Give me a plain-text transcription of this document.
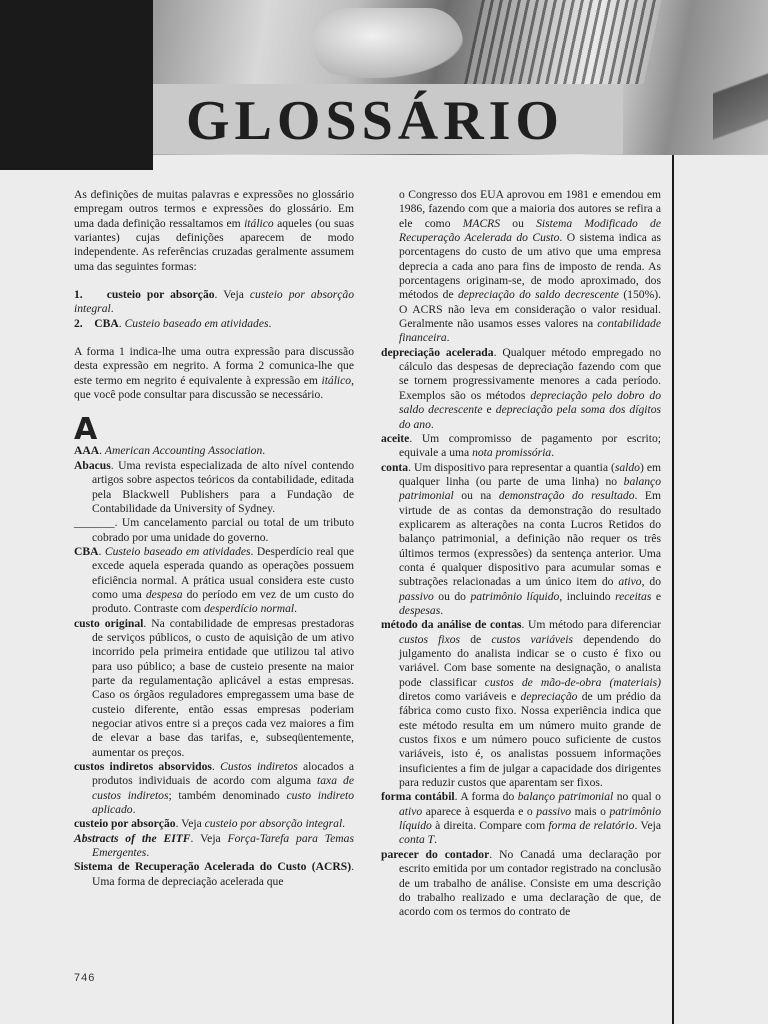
GLOSSÁRIO

As definições de muitas palavras e expressões no glossário empregam outros termos e expressões do glossário. Em uma dada definição ressaltamos em itálico aqueles (ou suas variantes) cujas definições aparecem de modo independente. As referências cruzadas geralmente assumem uma das seguintes formas:

1. custeio por absorção. Veja custeio por absorção integral.
2. CBA. Custeio baseado em atividades.

A forma 1 indica-lhe uma outra expressão para discussão desta expressão em negrito. A forma 2 comunica-lhe que este termo em negrito é equivalente à expressão em itálico, que você pode consultar para discussão se necessário.

A

AAA. American Accounting Association.

Abacus. Uma revista especializada de alto nível contendo artigos sobre aspectos teóricos da contabilidade, editada pela Blackwell Publishers para a Fundação de Contabilidade da University of Sydney.

_______. Um cancelamento parcial ou total de um tributo cobrado por uma unidade do governo.

CBA. Custeio baseado em atividades. Desperdício real que excede aquela esperada quando as operações possuem eficiência normal. A prática usual considera este custo como uma despesa do período em vez de um custo do produto. Contraste com desperdício normal.

custo original. Na contabilidade de empresas prestadoras de serviços públicos, o custo de aquisição de um ativo incorrido pela primeira entidade que utilizou tal ativo para uso público; a base de custeio presente na maior parte da regulamentação aplicável a estas empresas. Caso os órgãos reguladores empregassem uma base de custeio diferente, então essas empresas poderiam negociar ativos entre si a preços cada vez maiores a fim de elevar a base das tarifas, e, subseqüentemente, aumentar os preços.

custos indiretos absorvidos. Custos indiretos alocados a produtos individuais de acordo com alguma taxa de custos indiretos; também denominado custo indireto aplicado.

custeio por absorção. Veja custeio por absorção integral.

Abstracts of the EITF. Veja Força-Tarefa para Temas Emergentes.

Sistema de Recuperação Acelerada do Custo (ACRS). Uma forma de depreciação acelerada que

o Congresso dos EUA aprovou em 1981 e emendou em 1986, fazendo com que a maioria dos autores se refira a ele como MACRS ou Sistema Modificado de Recuperação Acelerada do Custo. O sistema indica as porcentagens do custo de um ativo que uma empresa deprecia a cada ano para fins de imposto de renda. As porcentagens originam-se, de modo aproximado, dos métodos de depreciação do saldo decrescente (150%). O ACRS não leva em consideração o valor residual. Geralmente não usamos esses valores na contabilidade financeira.

depreciação acelerada. Qualquer método empregado no cálculo das despesas de depreciação fazendo com que se tornem progressivamente menores a cada período. Exemplos são os métodos depreciação pelo dobro do saldo decrescente e depreciação pela soma dos dígitos do ano.

aceite. Um compromisso de pagamento por escrito; equivale a uma nota promissória.

conta. Um dispositivo para representar a quantia (saldo) em qualquer linha (ou parte de uma linha) no balanço patrimonial ou na demonstração do resultado. Em virtude de as contas da demonstração do resultado explicarem as alterações na conta Lucros Retidos do balanço patrimonial, a definição não requer os três últimos termos (expressões) da sentença anterior. Uma conta é qualquer dispositivo para acumular somas e subtrações relacionadas a um único item do ativo, do passivo ou do patrimônio líquido, incluindo receitas e despesas.

método da análise de contas. Um método para diferenciar custos fixos de custos variáveis dependendo do julgamento do analista indicar se o custo é fixo ou variável. Com base somente na designação, o analista pode classificar custos de mão-de-obra (materiais) diretos como variáveis e depreciação de um prédio da fábrica como custo fixo. Nossa experiência indica que este método resulta em um número muito grande de custos fixos e um número pouco suficiente de custos variáveis, isto é, os analistas possuem informações insuficientes a fim de julgar a capacidade dos dirigentes para reduzir custos que aparentam ser fixos.

forma contábil. A forma do balanço patrimonial no qual o ativo aparece à esquerda e o passivo mais o patrimônio líquido à direita. Compare com forma de relatório. Veja conta T.

parecer do contador. No Canadá uma declaração por escrito emitida por um contador registrado na conclusão de um trabalho de análise. Consiste em uma descrição do trabalho realizado e uma declaração de que, de acordo com os termos do contrato de

746
